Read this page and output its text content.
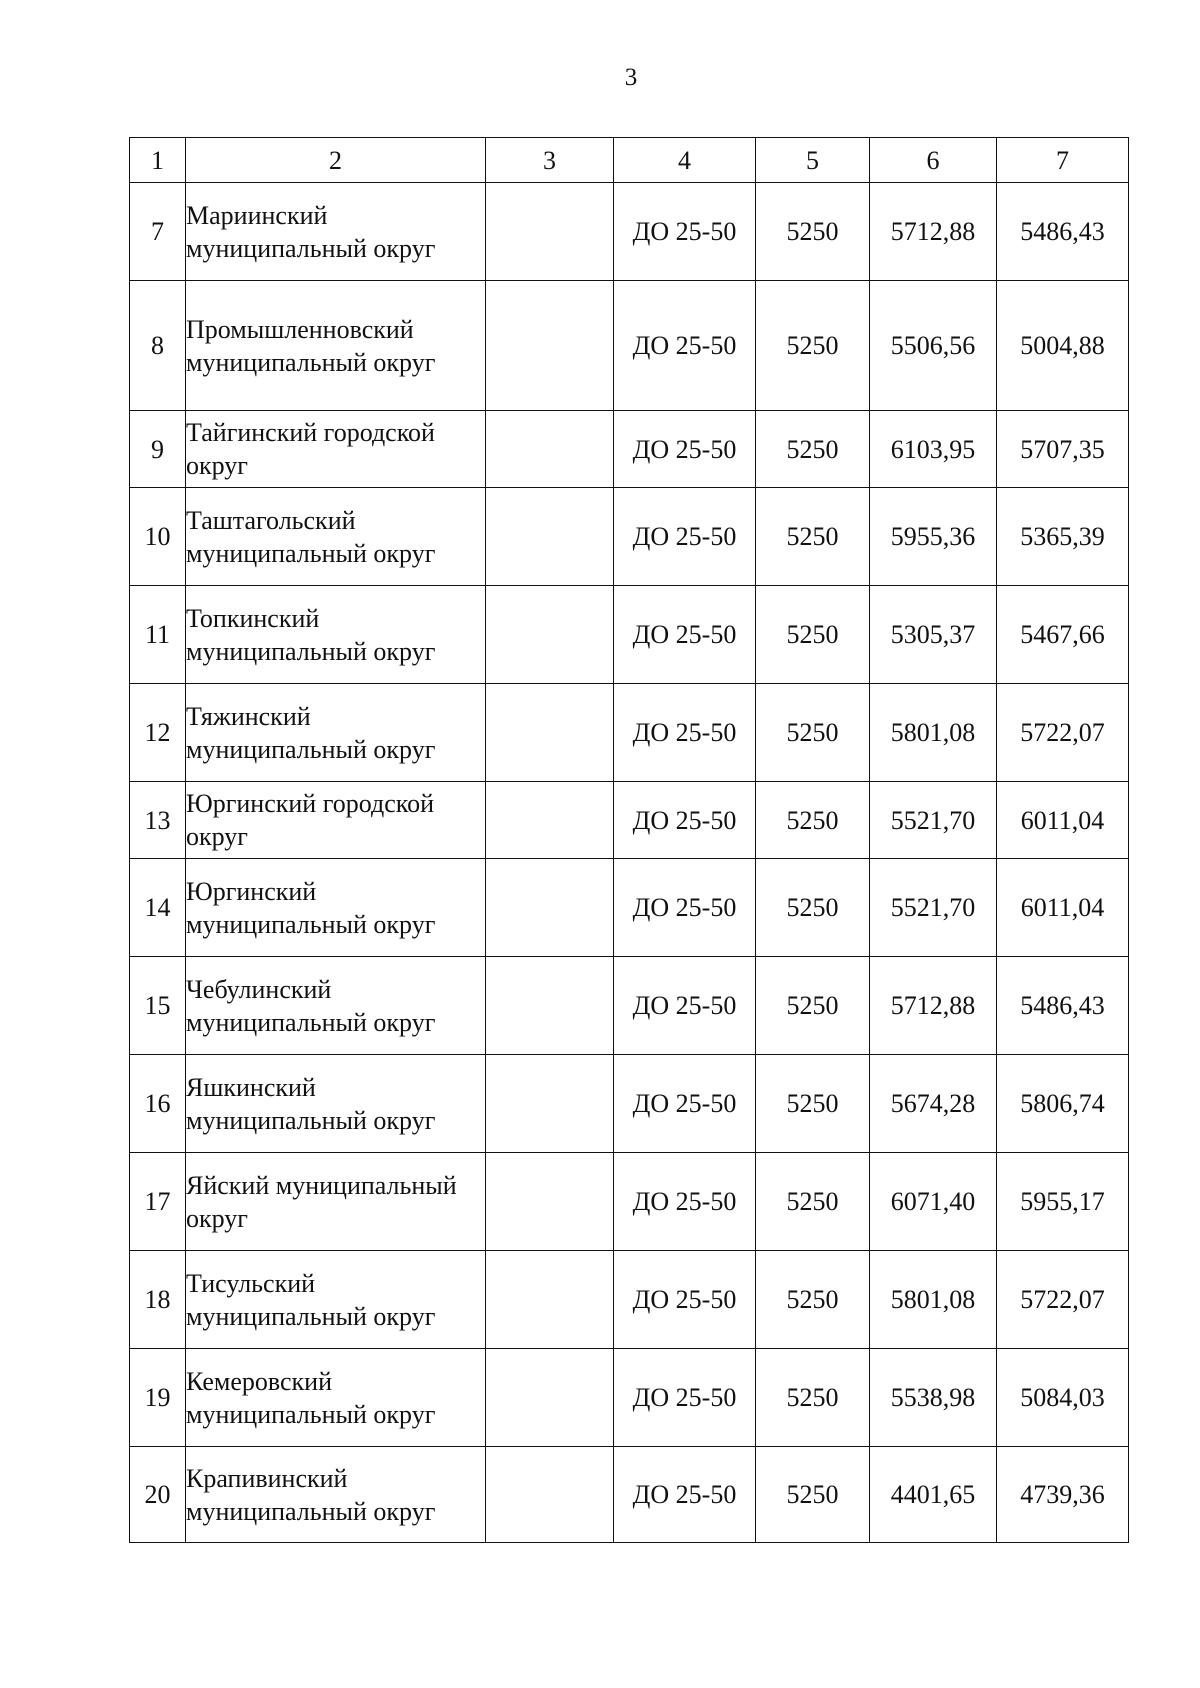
3
1	2	3	4	5	6	7
7	Мариинский муниципальный округ		ДО 25-50	5250	5712,88	5486,43
8	Промышленновский муниципальный округ		ДО 25-50	5250	5506,56	5004,88
9	Тайгинский городской округ		ДО 25-50	5250	6103,95	5707,35
10	Таштагольский муниципальный округ		ДО 25-50	5250	5955,36	5365,39
11	Топкинский муниципальный округ		ДО 25-50	5250	5305,37	5467,66
12	Тяжинский муниципальный округ		ДО 25-50	5250	5801,08	5722,07
13	Юргинский городской округ		ДО 25-50	5250	5521,70	6011,04
14	Юргинский муниципальный округ		ДО 25-50	5250	5521,70	6011,04
15	Чебулинский муниципальный округ		ДО 25-50	5250	5712,88	5486,43
16	Яшкинский муниципальный округ		ДО 25-50	5250	5674,28	5806,74
17	Яйский муниципальный округ		ДО 25-50	5250	6071,40	5955,17
18	Тисульский муниципальный округ		ДО 25-50	5250	5801,08	5722,07
19	Кемеровский муниципальный округ		ДО 25-50	5250	5538,98	5084,03
20	Крапивинский муниципальный округ		ДО 25-50	5250	4401,65	4739,36
